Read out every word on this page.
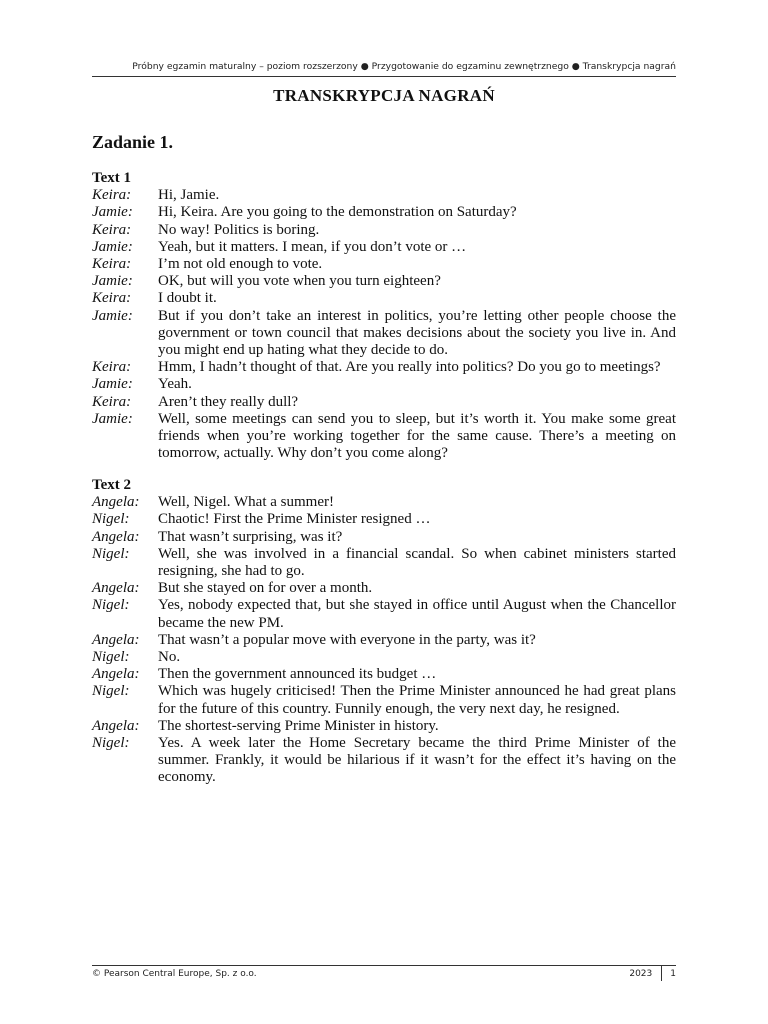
Próbny egzamin maturalny – poziom rozszerzony ● Przygotowanie do egzaminu zewnętrznego ● Transkrypcja nagrań
TRANSKRYPCJA NAGRAŃ
Zadanie 1.
Text 1
Keira:	Hi, Jamie.
Jamie:	Hi, Keira. Are you going to the demonstration on Saturday?
Keira:	No way! Politics is boring.
Jamie:	Yeah, but it matters. I mean, if you don’t vote or …
Keira:	I’m not old enough to vote.
Jamie:	OK, but will you vote when you turn eighteen?
Keira:	I doubt it.
Jamie:	But if you don’t take an interest in politics, you’re letting other people choose the government or town council that makes decisions about the society you live in. And you might end up hating what they decide to do.
Keira:	Hmm, I hadn’t thought of that. Are you really into politics? Do you go to meetings?
Jamie:	Yeah.
Keira:	Aren’t they really dull?
Jamie:	Well, some meetings can send you to sleep, but it’s worth it. You make some great friends when you’re working together for the same cause. There’s a meeting on tomorrow, actually. Why don’t you come along?
Text 2
Angela:	Well, Nigel. What a summer!
Nigel:	Chaotic! First the Prime Minister resigned …
Angela:	That wasn’t surprising, was it?
Nigel:	Well, she was involved in a financial scandal. So when cabinet ministers started resigning, she had to go.
Angela:	But she stayed on for over a month.
Nigel:	Yes, nobody expected that, but she stayed in office until August when the Chancellor became the new PM.
Angela:	That wasn’t a popular move with everyone in the party, was it?
Nigel:	No.
Angela:	Then the government announced its budget …
Nigel:	Which was hugely criticised! Then the Prime Minister announced he had great plans for the future of this country. Funnily enough, the very next day, he resigned.
Angela:	The shortest-serving Prime Minister in history.
Nigel:	Yes. A week later the Home Secretary became the third Prime Minister of the summer. Frankly, it would be hilarious if it wasn’t for the effect it’s having on the economy.
© Pearson Central Europe, Sp. z o.o.	2023 1
